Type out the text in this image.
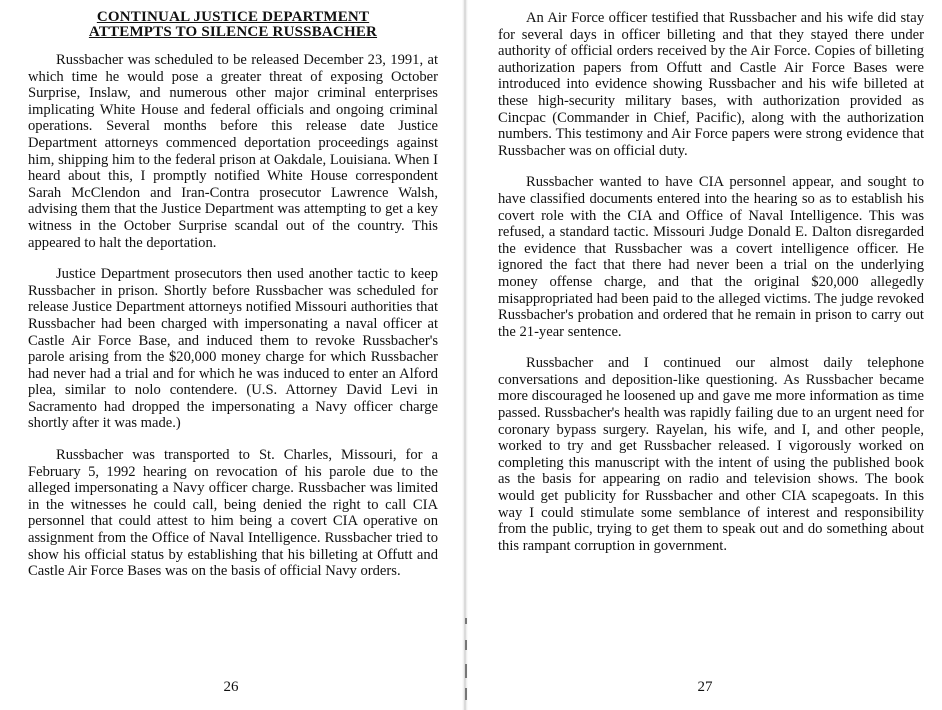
CONTINUAL JUSTICE DEPARTMENT
ATTEMPTS TO SILENCE RUSSBACHER

Russbacher was scheduled to be released December 23, 1991, at which time he would pose a greater threat of exposing October Surprise, Inslaw, and numerous other major criminal enterprises implicating White House and federal officials and ongoing criminal operations. Several months before this release date Justice Department attorneys commenced deportation proceedings against him, shipping him to the federal prison at Oakdale, Louisiana. When I heard about this, I promptly notified White House correspondent Sarah McClendon and Iran-Contra prosecutor Lawrence Walsh, advising them that the Justice Department was attempting to get a key witness in the October Surprise scandal out of the country. This appeared to halt the deportation.

Justice Department prosecutors then used another tactic to keep Russbacher in prison. Shortly before Russbacher was scheduled for release Justice Department attorneys notified Missouri authorities that Russbacher had been charged with impersonating a naval officer at Castle Air Force Base, and induced them to revoke Russbacher's parole arising from the $20,000 money charge for which Russbacher had never had a trial and for which he was induced to enter an Alford plea, similar to nolo contendere. (U.S. Attorney David Levi in Sacramento had dropped the impersonating a Navy officer charge shortly after it was made.)

Russbacher was transported to St. Charles, Missouri, for a February 5, 1992 hearing on revocation of his parole due to the alleged impersonating a Navy officer charge. Russbacher was limited in the witnesses he could call, being denied the right to call CIA personnel that could attest to him being a covert CIA operative on assignment from the Office of Naval Intelligence. Russbacher tried to show his official status by establishing that his billeting at Offutt and Castle Air Force Bases was on the basis of official Navy orders.

26

An Air Force officer testified that Russbacher and his wife did stay for several days in officer billeting and that they stayed there under authority of official orders received by the Air Force. Copies of billeting authorization papers from Offutt and Castle Air Force Bases were introduced into evidence showing Russbacher and his wife billeted at these high-security military bases, with authorization provided as Cincpac (Commander in Chief, Pacific), along with the authorization numbers. This testimony and Air Force papers were strong evidence that Russbacher was on official duty.

Russbacher wanted to have CIA personnel appear, and sought to have classified documents entered into the hearing so as to establish his covert role with the CIA and Office of Naval Intelligence. This was refused, a standard tactic. Missouri Judge Donald E. Dalton disregarded the evidence that Russbacher was a covert intelligence officer. He ignored the fact that there had never been a trial on the underlying money offense charge, and that the original $20,000 allegedly misappropriated had been paid to the alleged victims. The judge revoked Russbacher's probation and ordered that he remain in prison to carry out the 21-year sentence.

Russbacher and I continued our almost daily telephone conversations and deposition-like questioning. As Russbacher became more discouraged he loosened up and gave me more information as time passed. Russbacher's health was rapidly failing due to an urgent need for coronary bypass surgery. Rayelan, his wife, and I, and other people, worked to try and get Russbacher released. I vigorously worked on completing this manuscript with the intent of using the published book as the basis for appearing on radio and television shows. The book would get publicity for Russbacher and other CIA scapegoats. In this way I could stimulate some semblance of interest and responsibility from the public, trying to get them to speak out and do something about this rampant corruption in government.

27
